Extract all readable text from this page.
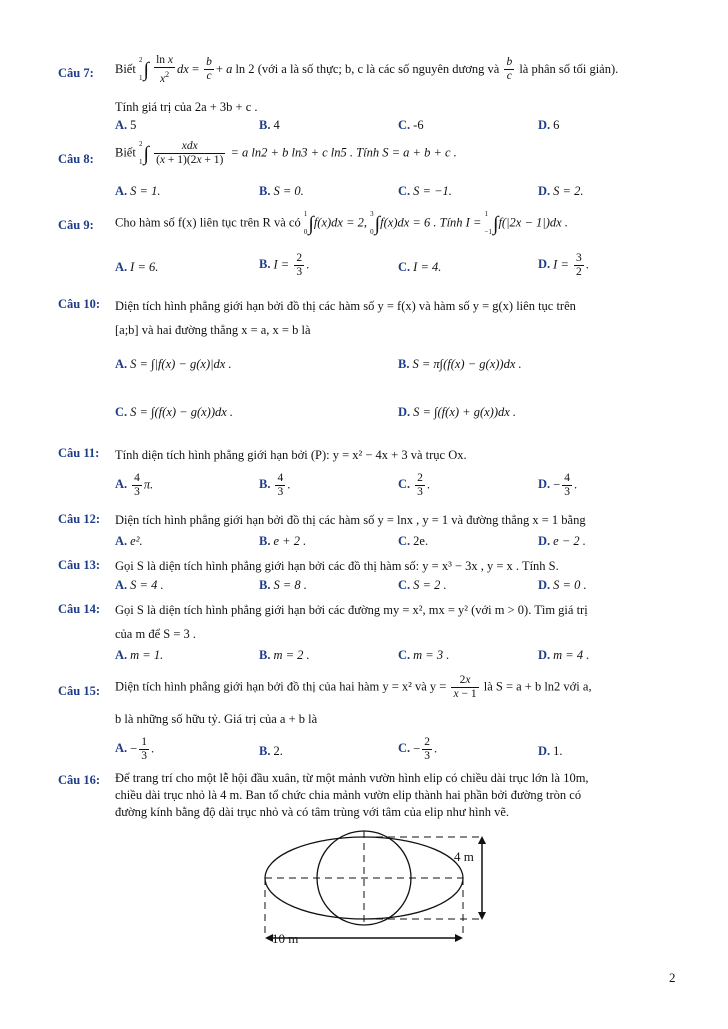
Câu 7: Biết 2

$1\int \frac{\text{ln x}}{x^2}$ dx = $\frac{b}{c} + a$ ln 2 (với a là số thực; b, c là các số nguyên dương và $\frac{b}{c}$ là phân số tối giản).
Tính giá trị của 2a + 3b + c .
A. 5	B. 4	C. -6	D. 6
Câu 8: Biết 2

$1\int \frac{\text{xdx}}{(x + 1)(2x + 1)} = a$ ln2 + b ln3 + c ln5 . Tính S = a + b + c .
A. S = 1.	B. S = 0.	C. S = −1.	D. S = 2.
Câu 9: Cho hàm số f(x) liên tục trên R và có 1

0∫f(x)dx = 2, 3

0∫f(x)dx = 6 . Tính I = 1

−1∫f(|2x − 1|)dx .
A. I = 6.	B. $I = \frac{2}{3}$ .	C. I = 4.	D. $I = \frac{3}{2}$ .
Câu 10: Diện tích hình phẳng giới hạn bởi đồ thị các hàm số y = f(x) và hàm số y = g(x) liên tục trên
[a;b] và hai đường thẳng x = a, x = b là
A. S = ∫|f(x) − g(x)|dx .	B. S = π∫(f(x) − g(x))dx .
C. S = ∫(f(x) − g(x))dx .	D. S = ∫(f(x) + g(x))dx .
Câu 11: Tính diện tích hình phẳng giới hạn bởi (P): y = x² − 4x + 3 và trục Ox.
A. $\frac{4}{3} \pi$.	B. $\frac{4}{3}$ .	C. $\frac{2}{3}$ .	D. − $\frac{4}{3}$ .
Câu 12: Diện tích hình phẳng giới hạn bởi đồ thị các hàm số y = lnx , y = 1 và đường thẳng x = 1 bằng
A. e².	B. e + 2 .	C. 2e.	D. e − 2 .
Câu 13: Gọi S là diện tích hình phẳng giới hạn bởi các đồ thị hàm số: y = x³ − 3x , y = x . Tính S.
A. S = 4 .	B. S = 8 .	C. S = 2 .	D. S = 0 .
Câu 14: Gọi S là diện tích hình phẳng giới hạn bởi các đường my = x², mx = y² (với m > 0). Tìm giá trị
của m để S = 3 .
A. m = 1.	B. m = 2 .	C. m = 3 .	D. m = 4 .
Câu 15: Diện tích hình phẳng giới hạn bởi đồ thị của hai hàm y = x² và $y = \frac{2x}{x - 1}$ là S = a + b ln2 với a,
b là những số hữu tỷ. Giá trị của a + b là
A. − $\frac{1}{3}$ .	B. 2.	C. − $\frac{2}{3}$ .	D. 1.
Câu 16: Để trang trí cho một lễ hội đầu xuân, từ một mảnh vườn hình elip có chiều dài trục lớn là 10m,
chiều dài trục nhỏ là 4 m. Ban tổ chức chia mảnh vườn elip thành hai phần bởi đường tròn có
đường kính bằng độ dài trục nhỏ và có tâm trùng với tâm của elip như hình vẽ.
4 m
10 m
2
